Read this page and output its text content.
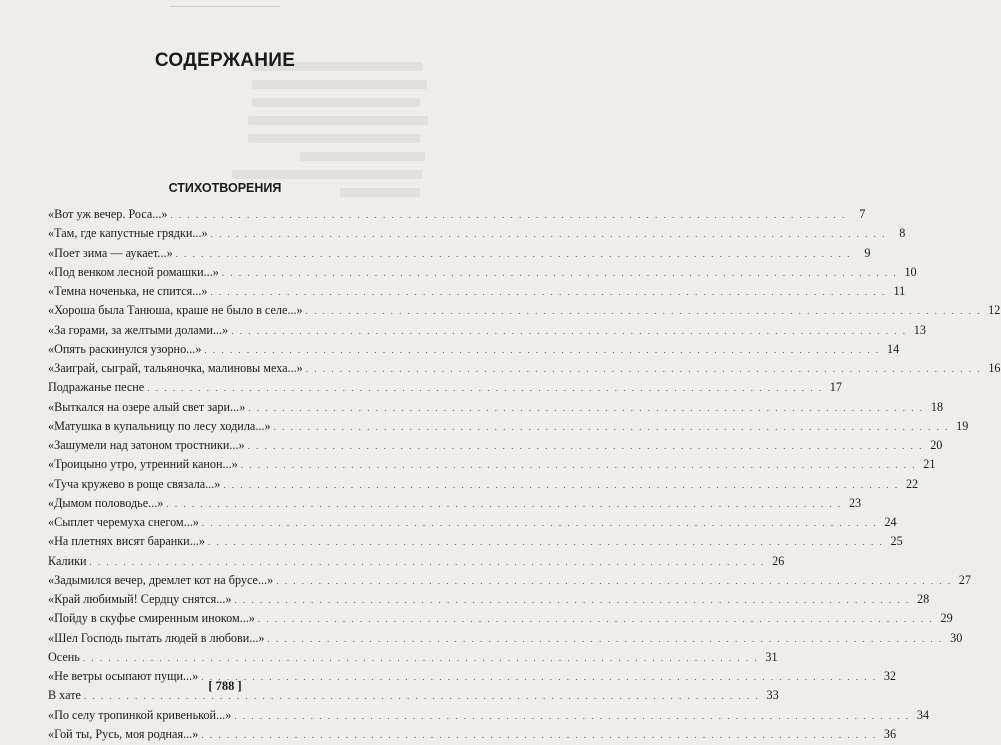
СОДЕРЖАНИЕ
СТИХОТВОРЕНИЯ
«Вот уж вечер. Роса...» . . . . . . . . . . . . . . . . . . . . . . . . . . . . . . . . . . . . . . . . . . . . . . . . . . . . . . . . . . . . . . . . . . . . . . . . . . . . . . . .	7
«Там, где капустные грядки...» . . . . . . . . . . . . . . . . . . . . . . . . . . . . . . . . . . . . . . . . . . . . . . . . . . . . . . . . . . . . . . . . . . . . . . . . . . . . . . . .	8
«Поет зима — аукает...» . . . . . . . . . . . . . . . . . . . . . . . . . . . . . . . . . . . . . . . . . . . . . . . . . . . . . . . . . . . . . . . . . . . . . . . . . . . . . . . .	9
«Под венком лесной ромашки...» . . . . . . . . . . . . . . . . . . . . . . . . . . . . . . . . . . . . . . . . . . . . . . . . . . . . . . . . . . . . . . . . . . . . . . . . . . . . . . . . 10
«Темна ноченька, не спится...» . . . . . . . . . . . . . . . . . . . . . . . . . . . . . . . . . . . . . . . . . . . . . . . . . . . . . . . . . . . . . . . . . . . . . . . . . . . . . . . . 11
«Хороша была Танюша, краше не было в селе...» . . . . . . . . . . . . . . . . . . . . . . . . . . . . . . . . . . . . . . . . . . . . . . . . . . . . . . . . . . . . . . . . . . . . . . . . . . . . . . . . 12
«За горами, за желтыми долами...» . . . . . . . . . . . . . . . . . . . . . . . . . . . . . . . . . . . . . . . . . . . . . . . . . . . . . . . . . . . . . . . . . . . . . . . . . . . . . . . . 13
«Опять раскинулся узорно...» . . . . . . . . . . . . . . . . . . . . . . . . . . . . . . . . . . . . . . . . . . . . . . . . . . . . . . . . . . . . . . . . . . . . . . . . . . . . . . . . 14
«Заиграй, сыграй, тальяночка, малиновы меха...» . . . . . . . . . . . . . . . . . . . . . . . . . . . . . . . . . . . . . . . . . . . . . . . . . . . . . . . . . . . . . . . . . . . . . . . . . . . . . . . . 16
Подражанье песне . . . . . . . . . . . . . . . . . . . . . . . . . . . . . . . . . . . . . . . . . . . . . . . . . . . . . . . . . . . . . . . . . . . . . . . . . . . . . . . . 17
«Выткался на озере алый свет зари...» . . . . . . . . . . . . . . . . . . . . . . . . . . . . . . . . . . . . . . . . . . . . . . . . . . . . . . . . . . . . . . . . . . . . . . . . . . . . . . . . 18
«Матушка в купальницу по лесу ходила...» . . . . . . . . . . . . . . . . . . . . . . . . . . . . . . . . . . . . . . . . . . . . . . . . . . . . . . . . . . . . . . . . . . . . . . . . . . . . . . . . 19
«Зашумели над затоном тростники...» . . . . . . . . . . . . . . . . . . . . . . . . . . . . . . . . . . . . . . . . . . . . . . . . . . . . . . . . . . . . . . . . . . . . . . . . . . . . . . . . 20
«Троицыно утро, утренний канон...» . . . . . . . . . . . . . . . . . . . . . . . . . . . . . . . . . . . . . . . . . . . . . . . . . . . . . . . . . . . . . . . . . . . . . . . . . . . . . . . . 21
«Туча кружево в роще связала...» . . . . . . . . . . . . . . . . . . . . . . . . . . . . . . . . . . . . . . . . . . . . . . . . . . . . . . . . . . . . . . . . . . . . . . . . . . . . . . . . 22
«Дымом половодье...» . . . . . . . . . . . . . . . . . . . . . . . . . . . . . . . . . . . . . . . . . . . . . . . . . . . . . . . . . . . . . . . . . . . . . . . . . . . . . . . . 23
«Сыплет черемуха снегом...» . . . . . . . . . . . . . . . . . . . . . . . . . . . . . . . . . . . . . . . . . . . . . . . . . . . . . . . . . . . . . . . . . . . . . . . . . . . . . . . . 24
«На плетнях висят баранки...» . . . . . . . . . . . . . . . . . . . . . . . . . . . . . . . . . . . . . . . . . . . . . . . . . . . . . . . . . . . . . . . . . . . . . . . . . . . . . . . . 25
Калики . . . . . . . . . . . . . . . . . . . . . . . . . . . . . . . . . . . . . . . . . . . . . . . . . . . . . . . . . . . . . . . . . . . . . . . . . . . . . . . . 26
«Задымился вечер, дремлет кот на брусе...» . . . . . . . . . . . . . . . . . . . . . . . . . . . . . . . . . . . . . . . . . . . . . . . . . . . . . . . . . . . . . . . . . . . . . . . . . . . . . . . . 27
«Край любимый! Сердцу снятся...» . . . . . . . . . . . . . . . . . . . . . . . . . . . . . . . . . . . . . . . . . . . . . . . . . . . . . . . . . . . . . . . . . . . . . . . . . . . . . . . . 28
«Пойду в скуфье смиренным иноком...» . . . . . . . . . . . . . . . . . . . . . . . . . . . . . . . . . . . . . . . . . . . . . . . . . . . . . . . . . . . . . . . . . . . . . . . . . . . . . . . . 29
«Шел Господь пытать людей в любови...» . . . . . . . . . . . . . . . . . . . . . . . . . . . . . . . . . . . . . . . . . . . . . . . . . . . . . . . . . . . . . . . . . . . . . . . . . . . . . . . . 30
Осень . . . . . . . . . . . . . . . . . . . . . . . . . . . . . . . . . . . . . . . . . . . . . . . . . . . . . . . . . . . . . . . . . . . . . . . . . . . . . . . . 31
«Не ветры осыпают пущи...» . . . . . . . . . . . . . . . . . . . . . . . . . . . . . . . . . . . . . . . . . . . . . . . . . . . . . . . . . . . . . . . . . . . . . . . . . . . . . . . . 32
В хате . . . . . . . . . . . . . . . . . . . . . . . . . . . . . . . . . . . . . . . . . . . . . . . . . . . . . . . . . . . . . . . . . . . . . . . . . . . . . . . . 33
«По селу тропинкой кривенькой...» . . . . . . . . . . . . . . . . . . . . . . . . . . . . . . . . . . . . . . . . . . . . . . . . . . . . . . . . . . . . . . . . . . . . . . . . . . . . . . . . 34
«Гой ты, Русь, моя родная...» . . . . . . . . . . . . . . . . . . . . . . . . . . . . . . . . . . . . . . . . . . . . . . . . . . . . . . . . . . . . . . . . . . . . . . . . . . . . . . . . 36
[ 788 ]
